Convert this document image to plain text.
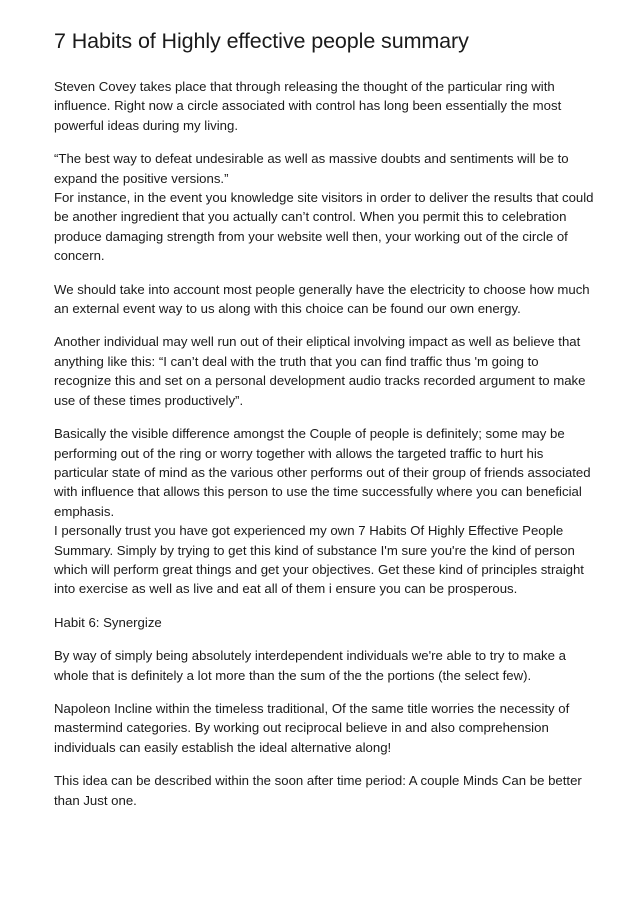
7 Habits of Highly effective people summary

Steven Covey takes place that through releasing the thought of the particular ring with influence. Right now a circle associated with control has long been essentially the most powerful ideas during my living.

“The best way to defeat undesirable as well as massive doubts and sentiments will be to expand the positive versions.”

For instance, in the event you knowledge site visitors in order to deliver the results that could be another ingredient that you actually can’t control. When you permit this to celebration produce damaging strength from your website well then, your working out of the circle of concern.

We should take into account most people generally have the electricity to choose how much an external event way to us along with this choice can be found our own energy.

Another individual may well run out of their eliptical involving impact as well as believe that anything like this: “I can’t deal with the truth that you can find traffic thus 'm going to recognize this and set on a personal development audio tracks recorded argument to make use of these times productively”.

Basically the visible difference amongst the Couple of people is definitely; some may be performing out of the ring or worry together with allows the targeted traffic to hurt his particular state of mind as the various other performs out of their group of friends associated with influence that allows this person to use the time successfully where you can beneficial emphasis.

I personally trust you have got experienced my own 7 Habits Of Highly Effective People Summary. Simply by trying to get this kind of substance I'm sure you're the kind of person which will perform great things and get your objectives. Get these kind of principles straight into exercise as well as live and eat all of them i ensure you can be prosperous.

Habit 6: Synergize

By way of simply being absolutely interdependent individuals we're able to try to make a whole that is definitely a lot more than the sum of the the portions (the select few).

Napoleon Incline within the timeless traditional, Of the same title worries the necessity of mastermind categories. By working out reciprocal believe in and also comprehension individuals can easily establish the ideal alternative along!

This idea can be described within the soon after time period: A couple Minds Can be better than Just one.
